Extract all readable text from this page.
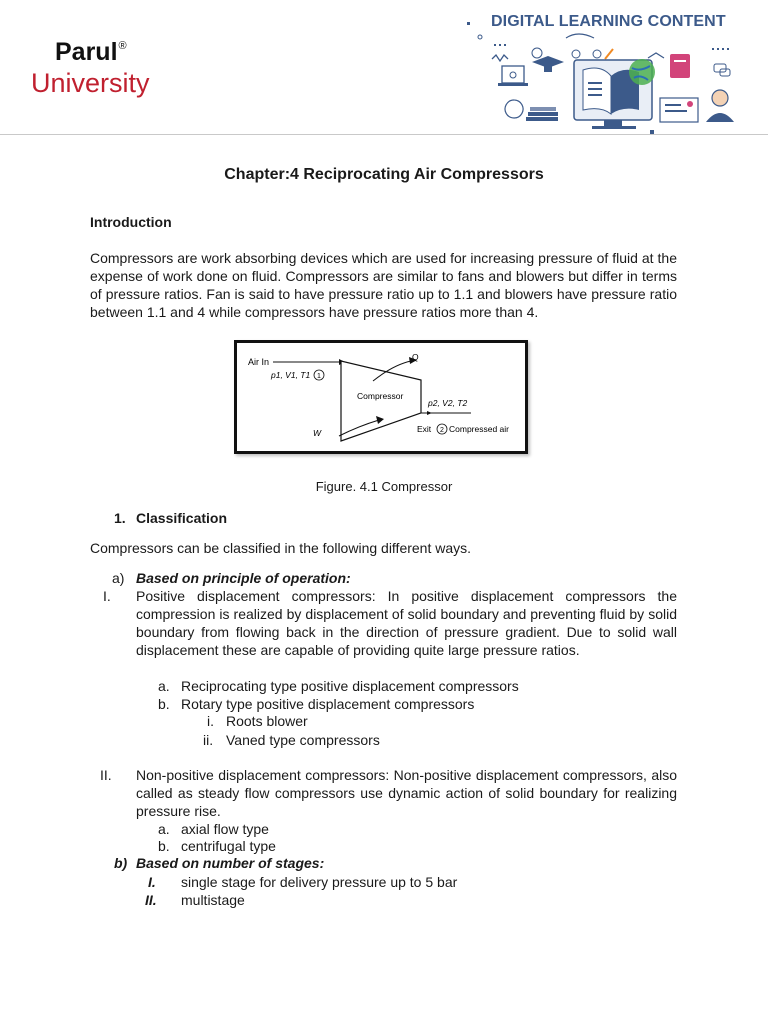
Parul®
University
DIGITAL LEARNING CONTENT
Chapter:4 Reciprocating Air Compressors
Introduction
Compressors are work absorbing devices which are used for increasing pressure of fluid at the expense of work done on fluid. Compressors are similar to fans and blowers but differ in terms of pressure ratios. Fan is said to have pressure ratio up to 1.1 and blowers have pressure ratio between 1.1 and 4 while compressors have pressure ratios more than 4.
Air In
p1, V1, T1 1
Compressor
Q
p2, V2, T2
W	Exit 2 Compressed air
Figure. 4.1 Compressor
1. Classification
Compressors can be classified in the following different ways.
a) Based on principle of operation:
I. Positive displacement compressors: In positive displacement compressors the compression is realized by displacement of solid boundary and preventing fluid by solid boundary from flowing back in the direction of pressure gradient. Due to solid wall displacement these are capable of providing quite large pressure ratios.
a. Reciprocating type positive displacement compressors
b. Rotary type positive displacement compressors
i. Roots blower
ii. Vaned type compressors
II. Non-positive displacement compressors: Non-positive displacement compressors, also called as steady flow compressors use dynamic action of solid boundary for realizing pressure rise.
a. axial flow type
b. centrifugal type
b) Based on number of stages:
I. single stage for delivery pressure up to 5 bar
II. multistage
